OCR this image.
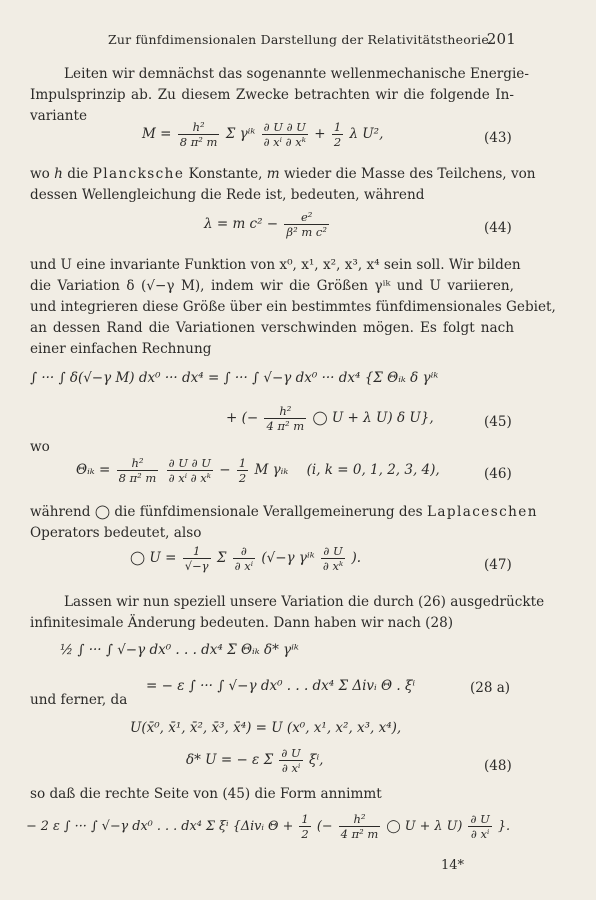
Zur fünfdimensionalen Darstellung der Relativitätstheorie.
201
Leiten wir demnächst das sogenannte wellenmechanische Energie-
Impulsprinzip ab. Zu diesem Zwecke betrachten wir die folgende In-
variante
$M = \frac{\text{h²}}{\text{8 π² m}}$ Σ γⁱᵏ $\frac{\partial U \partial U}{\text{∂ xⁱ ∂ xᵏ}} + \frac{1}{2}$ λ U²,	(43)
wo h die Plancksche Konstante, m wieder die Masse des Teilchens, von
dessen Wellengleichung die Rede ist, bedeuten, während
λ = m $c^2 - \frac{\text{e²}}{\text{β² m c²}}$	(44)
und U eine invariante Funktion von x⁰, x¹, x², x³, x⁴ sein soll. Wir bilden
die Variation δ (√−γ M), indem wir die Größen γⁱᵏ und U variieren,
und integrieren diese Größe über ein bestimmtes fünfdimensionales Gebiet,
an dessen Rand die Variationen verschwinden mögen. Es folgt nach
einer einfachen Rechnung
∫ ··· ∫ δ(√−γ M) dx⁰ ··· dx⁴ = ∫ ··· ∫ √−γ dx⁰ ··· dx⁴ {Σ Θᵢₖ δ γⁱᵏ
+ (− $\frac{\text{h²}}{\text{4 π² m}}$ ◯ U + λ U) δ U},	(45)
wo
Θᵢₖ = $\frac{\text{h²}}{\text{8 π² m}}$
$\frac{\partial U \partial U}{\text{∂ xⁱ ∂ xᵏ}} - \frac{1}{2}$ M γᵢₖ (i, k = 0, 1, 2, 3, 4),	(46)
während ◯ die fünfdimensionale Verallgemeinerung des Laplaceschen
Operators bedeutet, also
◯ $U = \frac{1}{√-\gamma}$ Σ $\frac{\partial}{\text{∂ xⁱ}} (√-\gamma$ γⁱᵏ $\frac{\partial U}{\text{∂ xᵏ}}$ ).	(47)
Lassen wir nun speziell unsere Variation die durch (26) ausgedrückte
infinitesimale Änderung bedeuten. Dann haben wir nach (28)
½ ∫ ··· ∫ √−γ dx⁰ . . . dx⁴ Σ Θᵢₖ δ* γⁱᵏ
= − ε ∫ ··· ∫ √−γ dx⁰ . . . dx⁴ Σ Δivᵢ Θ . ξⁱ	(28 a)
und ferner, da
U(x̄⁰, x̄¹, x̄², x̄³, x̄⁴) = U (x⁰, x¹, x², x³, x⁴),
δ* U = − ε Σ $\frac{\partial U}{\text{∂ xⁱ}} \xi^i$,	(48)
so daß die rechte Seite von (45) die Form annimmt
− 2 ε ∫ ··· ∫ √−γ dx⁰ . . . dx⁴ Σ ξⁱ {Δivᵢ $\Theta + \frac{1}{2}$ (− $\frac{\text{h²}}{\text{4 π² m}}$ ◯ U + λ $U) \frac{\partial U}{\text{∂ xⁱ}}$ }.
14*
